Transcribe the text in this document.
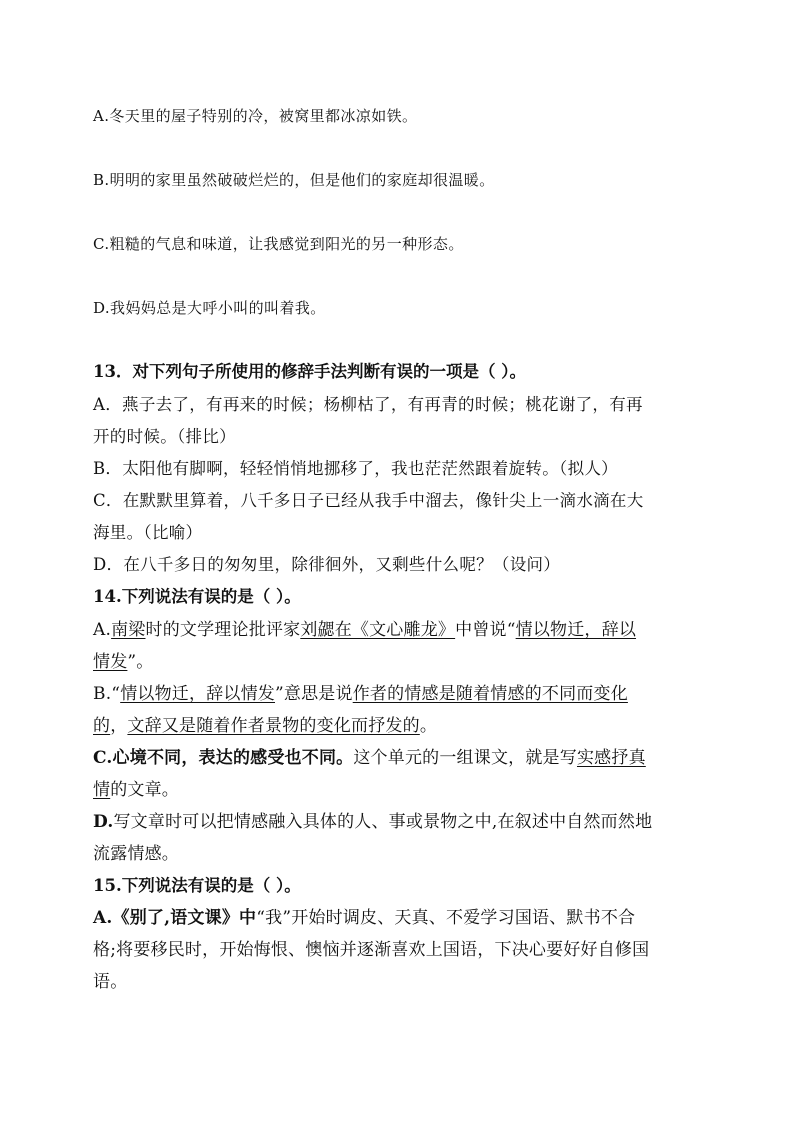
A.冬天里的屋子特别的冷，被窝里都冰凉如铁。
B.明明的家里虽然破破烂烂的，但是他们的家庭却很温暖。
C.粗糙的气息和味道，让我感觉到阳光的另一种形态。
D.我妈妈总是大呼小叫的叫着我。
13．对下列句子所使用的修辞手法判断有误的一项是（ ）。
A．燕子去了，有再来的时候；杨柳枯了，有再青的时候；桃花谢了，有再
开的时候。（排比）
B．太阳他有脚啊，轻轻悄悄地挪移了，我也茫茫然跟着旋转。（拟人）
C．在默默里算着，八千多日子已经从我手中溜去，像针尖上一滴水滴在大
海里。（比喻）
D．在八千多日的匆匆里，除徘徊外，又剩些什么呢？（设问）
14.下列说法有误的是（ ）。
A.南梁时的文学理论批评家刘勰在《文心雕龙》中曾说“情以物迁，辞以
情发”。
B.“情以物迁，辞以情发”意思是说作者的情感是随着情感的不同而变化
的，文辞又是随着作者景物的变化而抒发的。
C.心境不同，表达的感受也不同。这个单元的一组课文，就是写实感抒真
情的文章。
D.写文章时可以把情感融入具体的人、事或景物之中,在叙述中自然而然地
流露情感。
15.下列说法有误的是（ ）。
A.《别了,语文课》中“我”开始时调皮、天真、不爱学习国语、默书不合
格;将要移民时，开始悔恨、懊恼并逐渐喜欢上国语，下决心要好好自修国
语。
